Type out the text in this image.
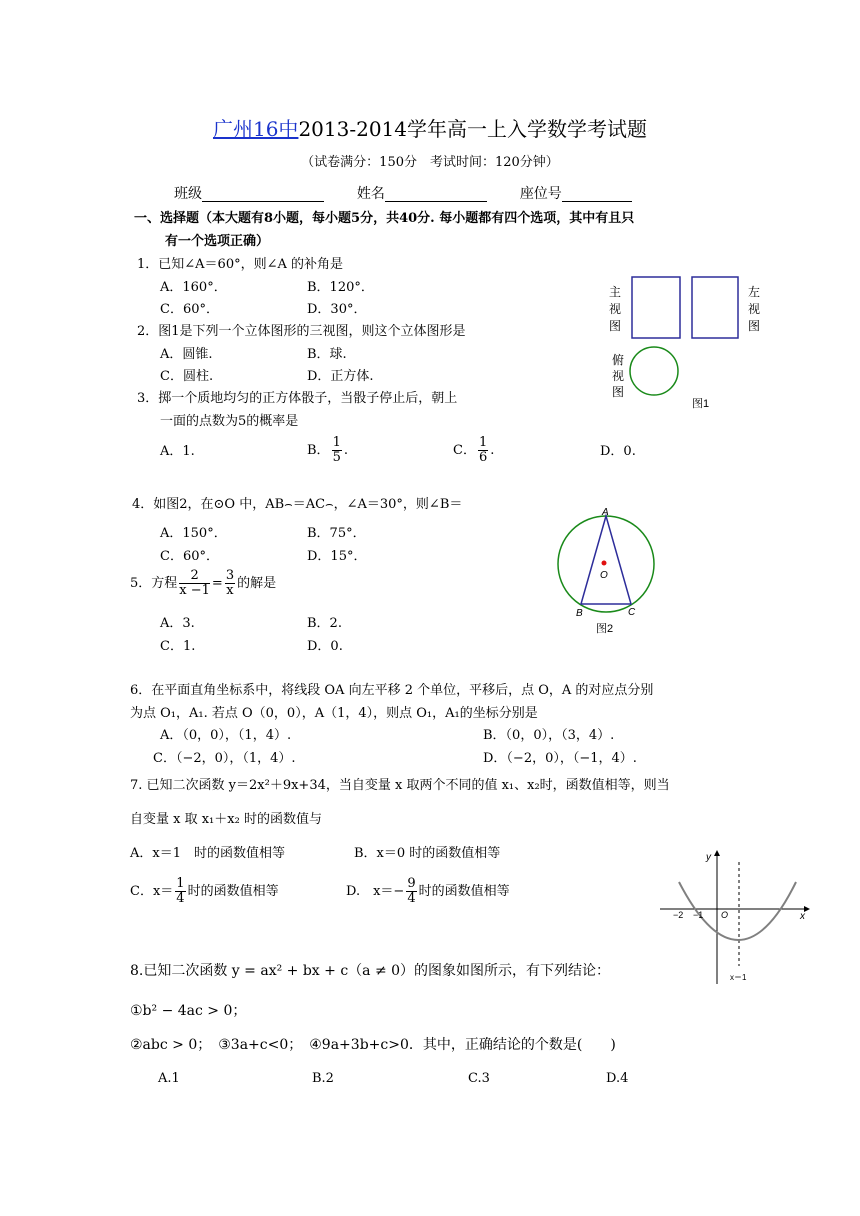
广州16中2013-2014学年高一上入学数学考试题
（试卷满分：150分　考试时间：120分钟）
班级	姓名	座位号
一、选择题（本大题有8小题，每小题5分，共40分. 每小题都有四个选项，其中有且只
有一个选项正确）
1．已知∠A＝60°，则∠A 的补角是
A．160°．	B．120°．
C．60°．	D．30°．
2．图1是下列一个立体图形的三视图，则这个立体图形是
A．圆锥.	B．球.
C．圆柱.	D．正方体.
3．掷一个质地均匀的正方体骰子，当骰子停止后，朝上
一面的点数为5的概率是
A．1.	B． $\frac{1}{5}$ .	C． $\frac{1}{6}$ .	D．0.
4．如图2，在⊙O 中，AB⌢＝AC⌢，∠A＝30°，则∠B＝
A．150°．	B．75°．
C．60°．	D．15°．
5．方程 $\frac{2}{x -1} = \frac{3}{x}$ 的解是
A．3.	B．2.
C．1.	D．0.
6．在平面直角坐标系中，将线段 OA 向左平移 2 个单位，平移后，点 O，A 的对应点分别
为点 O₁，A₁. 若点 O（0，0），A（1，4），则点 O₁，A₁的坐标分别是
A．（0，0），（1，4）.	B．（0，0），（3，4）.
C．（−2，0），（1，4）.	D．（−2，0），（−1，4）.
7. 已知二次函数 y＝2x²＋9x+34，当自变量 x 取两个不同的值 x₁、x₂时，函数值相等，则当
自变量 x 取 x₁＋x₂ 时的函数值与
A．x＝1　时的函数值相等	B．x＝0 时的函数值相等
C．$x= \frac{1}{4}$ 时的函数值相等	D.　$x=- \frac{9}{4}$ 时的函数值相等
8.已知二次函数 y = ax² + bx + c（a ≠ 0）的图象如图所示，有下列结论：
①b² − 4ac > 0；
②abc > 0；　③3a+c<0；　④9a+3b+c>0．其中，正确结论的个数是(　　)
A.1	B.2	C.3	D.4
主视图
左视图
俯视图
图1
A
O
B	C
图2
y
x
−2 −1 O
x＝1
